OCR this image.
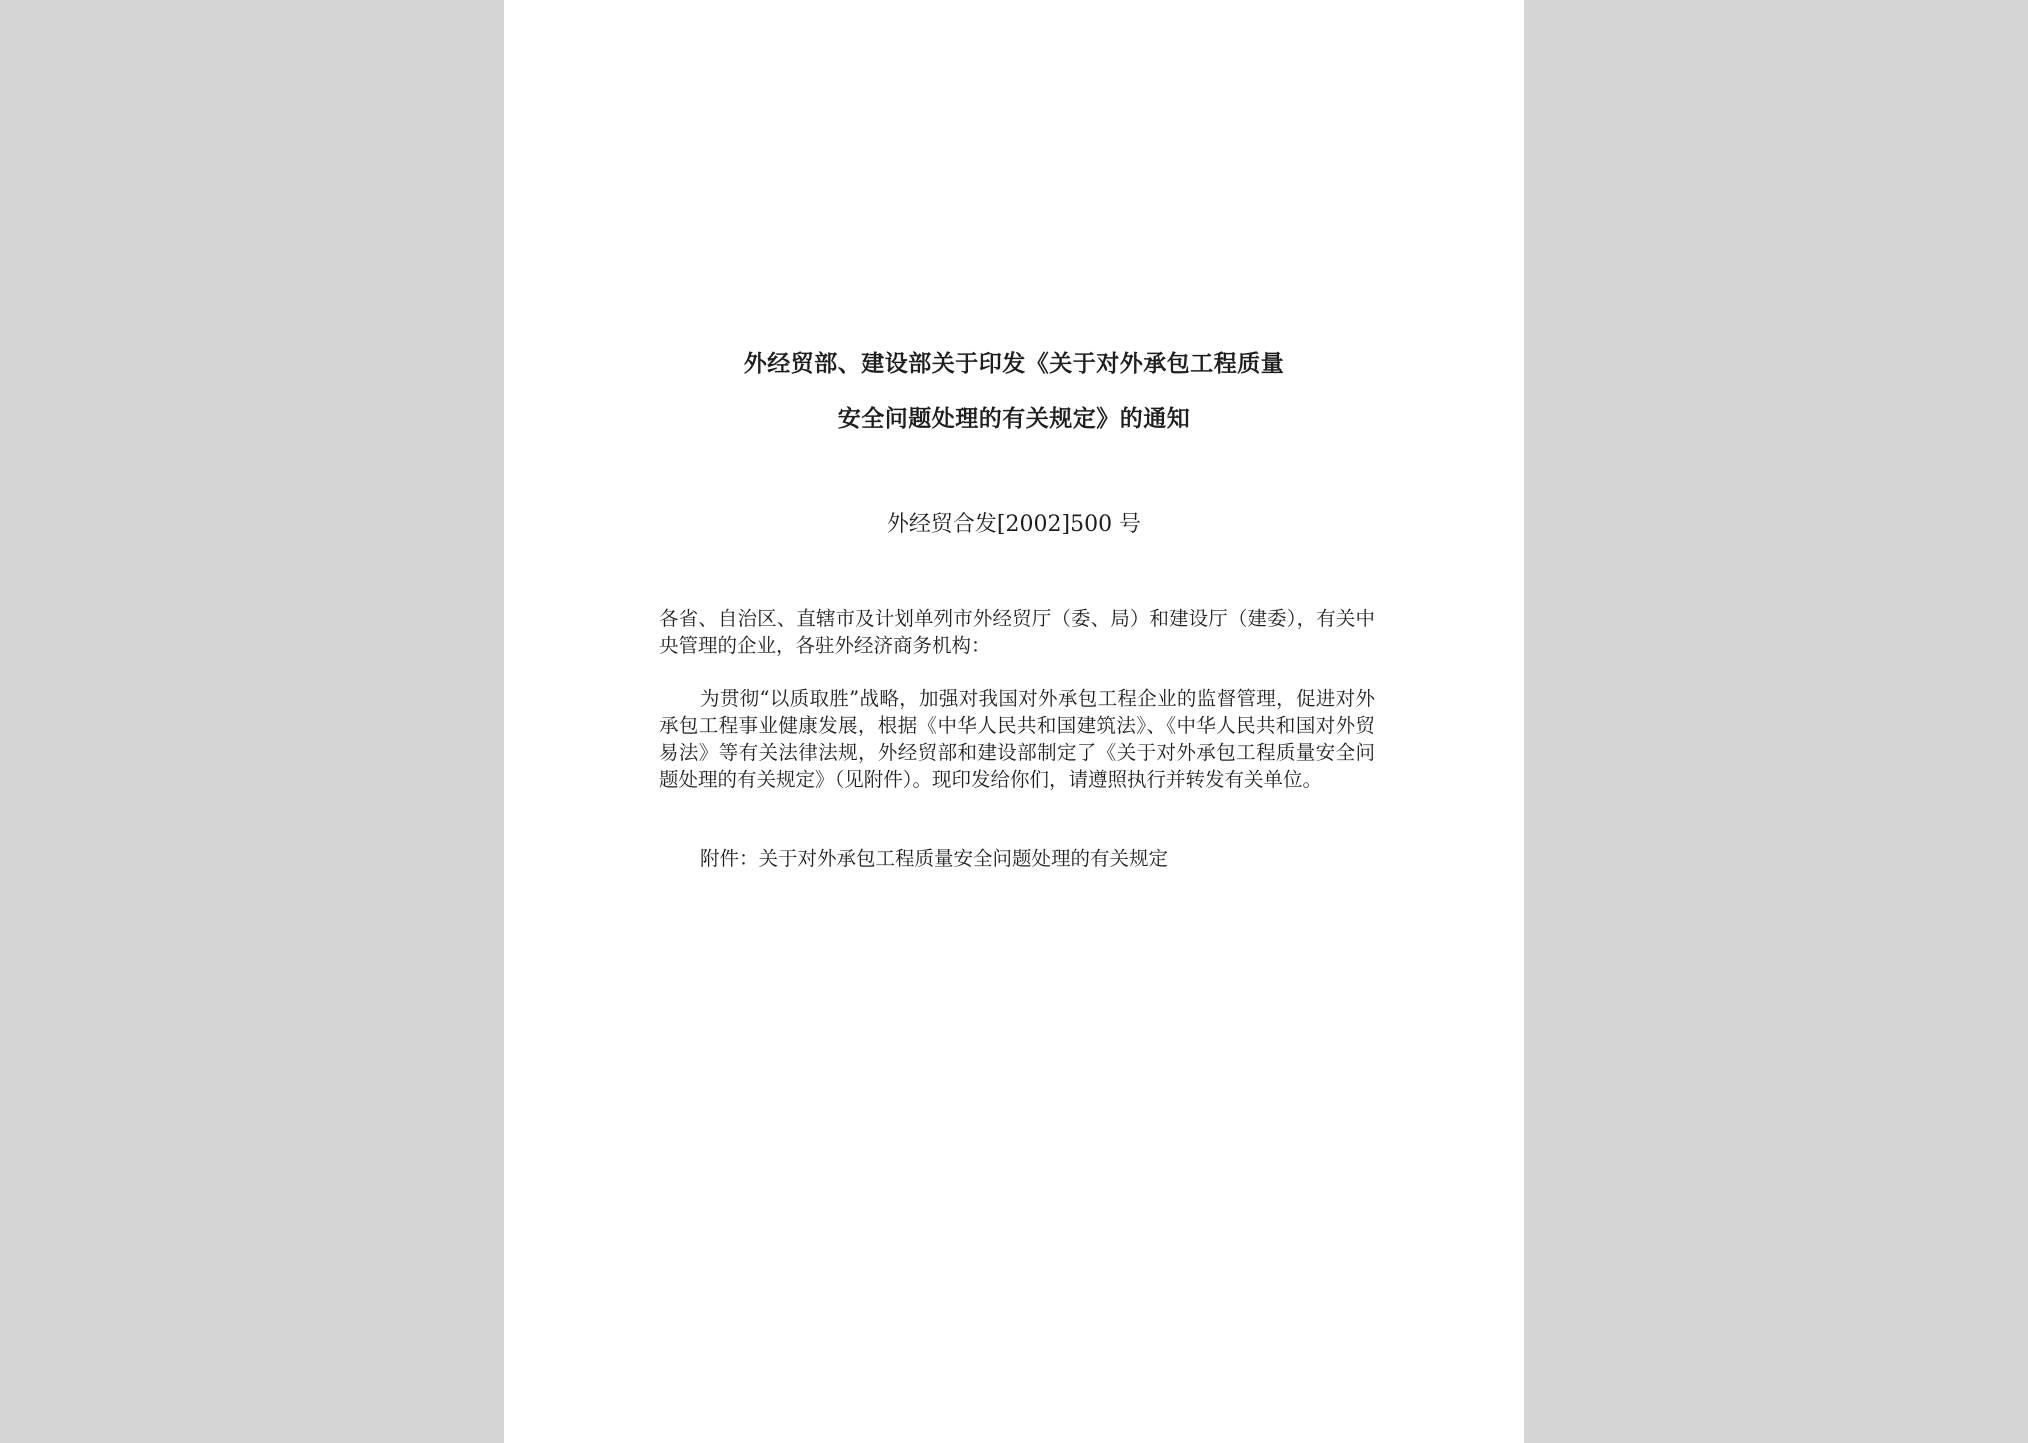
外经贸部、建设部关于印发《关于对外承包工程质量
安全问题处理的有关规定》的通知
外经贸合发[2002]500 号
各省、自治区、直辖市及计划单列市外经贸厅（委、局）和建设厅（建委），有关中央管理的企业，各驻外经济商务机构：
为贯彻“以质取胜”战略，加强对我国对外承包工程企业的监督管理，促进对外承包工程事业健康发展，根据《中华人民共和国建筑法》、《中华人民共和国对外贸易法》等有关法律法规，外经贸部和建设部制定了《关于对外承包工程质量安全问题处理的有关规定》（见附件）。现印发给你们，请遵照执行并转发有关单位。
附件：关于对外承包工程质量安全问题处理的有关规定
